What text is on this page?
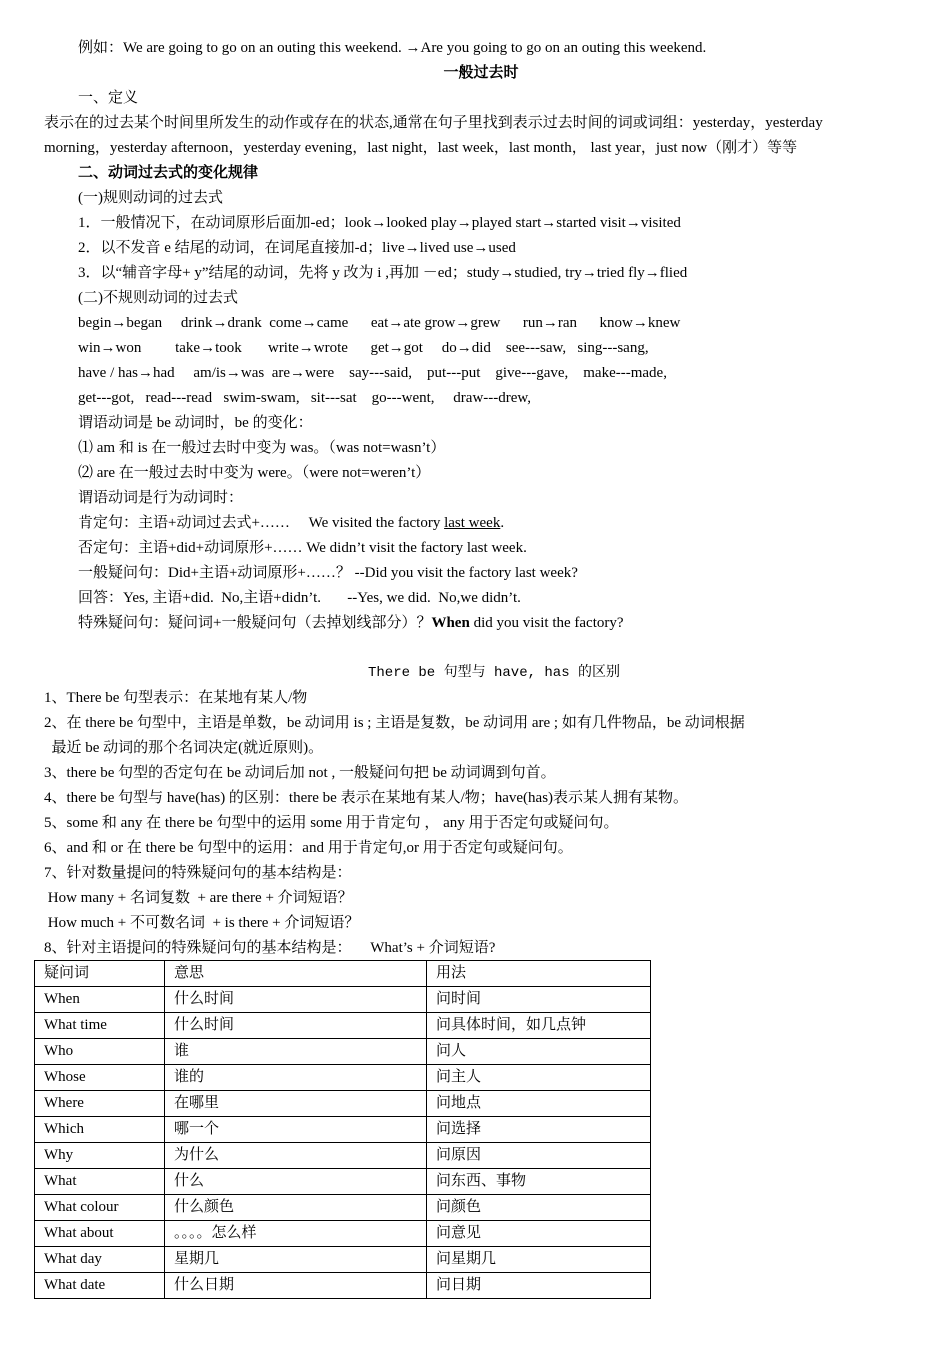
例如：We are going to go on an outing this weekend. →Are you going to go on an outing this weekend.
一般过去时
一、定义
表示在的过去某个时间里所发生的动作或存在的状态,通常在句子里找到表示过去时间的词或词组：yesterday，yesterday
morning，yesterday afternoon，yesterday evening，last night，last week，last month， last year，just now（刚才）等等
二、动词过去式的变化规律
(一)规则动词的过去式
1．一般情况下，在动词原形后面加-ed；look→looked play→played start→started visit→visited
2．以不发音 e 结尾的动词，在词尾直接加-d；live→lived use→used
3．以“辅音字母+ y”结尾的动词，先将 y 改为 i ,再加 －ed；study→studied, try→tried fly→flied
(二)不规则动词的过去式
begin→began     drink→drank  come→came      eat→ate grow→grew      run→ran      know→knew
win→won         take→took       write→wrote      get→got     do→did    see---saw,   sing---sang,
have / has→had     am/is→was  are→were    say---said,    put---put    give---gave,    make---made,
get---got,   read---read   swim-swam,   sit---sat    go---went,     draw---drew,
谓语动词是 be 动词时，be 的变化：
⑴ am 和 is 在一般过去时中变为 was。（was not=wasn’t）
⑵ are 在一般过去时中变为 were。（were not=weren’t）
谓语动词是行为动词时：
肯定句：主语+动词过去式+……     We visited the factory last week.
否定句：主语+did+动词原形+…… We didn’t visit the factory last week.
一般疑问句：Did+主语+动词原形+……？ --Did you visit the factory last week?
回答：Yes, 主语+did.  No,主语+didn’t.       --Yes, we did.  No,we didn’t.
特殊疑问句：疑问词+一般疑问句（去掉划线部分）？When did you visit the factory?
There be 句型与 have, has 的区别
1、There be 句型表示：在某地有某人/物
2、在 there be 句型中，主语是单数，be 动词用 is ; 主语是复数，be 动词用 are ; 如有几件物品，be 动词根据
最近 be 动词的那个名词决定(就近原则)。
3、there be 句型的否定句在 be 动词后加 not , 一般疑问句把 be 动词调到句首。
4、there be 句型与 have(has) 的区别：there be 表示在某地有某人/物；have(has)表示某人拥有某物。
5、some 和 any 在 there be 句型中的运用 some 用于肯定句 ， any 用于否定句或疑问句。
6、and 和 or 在 there be 句型中的运用：and 用于肯定句,or 用于否定句或疑问句。
7、针对数量提问的特殊疑问句的基本结构是：
How many + 名词复数  + are there + 介词短语？
How much + 不可数名词  + is there + 介词短语？
8、针对主语提问的特殊疑问句的基本结构是：     What’s + 介词短语?
疑问词	意思	用法
When	什么时间	问时间
What time	什么时间	问具体时间，如几点钟
Who	谁	问人
Whose	谁的	问主人
Where	在哪里	问地点
Which	哪一个	问选择
Why	为什么	问原因
What	什么	问东西、事物
What colour	什么颜色	问颜色
What about	。。。。怎么样	问意见
What day	星期几	问星期几
What date	什么日期	问日期
